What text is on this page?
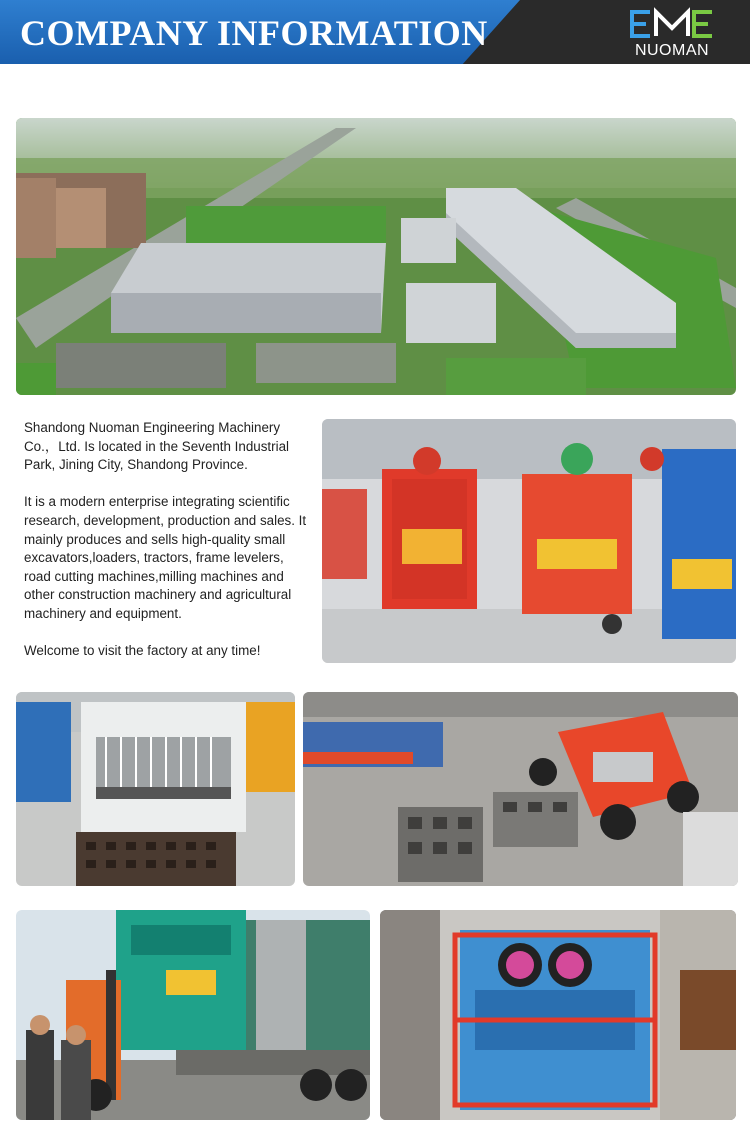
COMPANY INFORMATION	NUOMAN

Shandong Nuoman Engineering Machinery Co.，Ltd. Is located in the Seventh Industrial Park, Jining City, Shandong Province.

It is a modern enterprise integrating scientific research, development, production and sales. It mainly produces and sells high-quality small excavators,loaders, tractors, frame levelers, road cutting machines,milling machines and other construction machinery and agricultural machinery and equipment.

Welcome to visit the factory at any time!
